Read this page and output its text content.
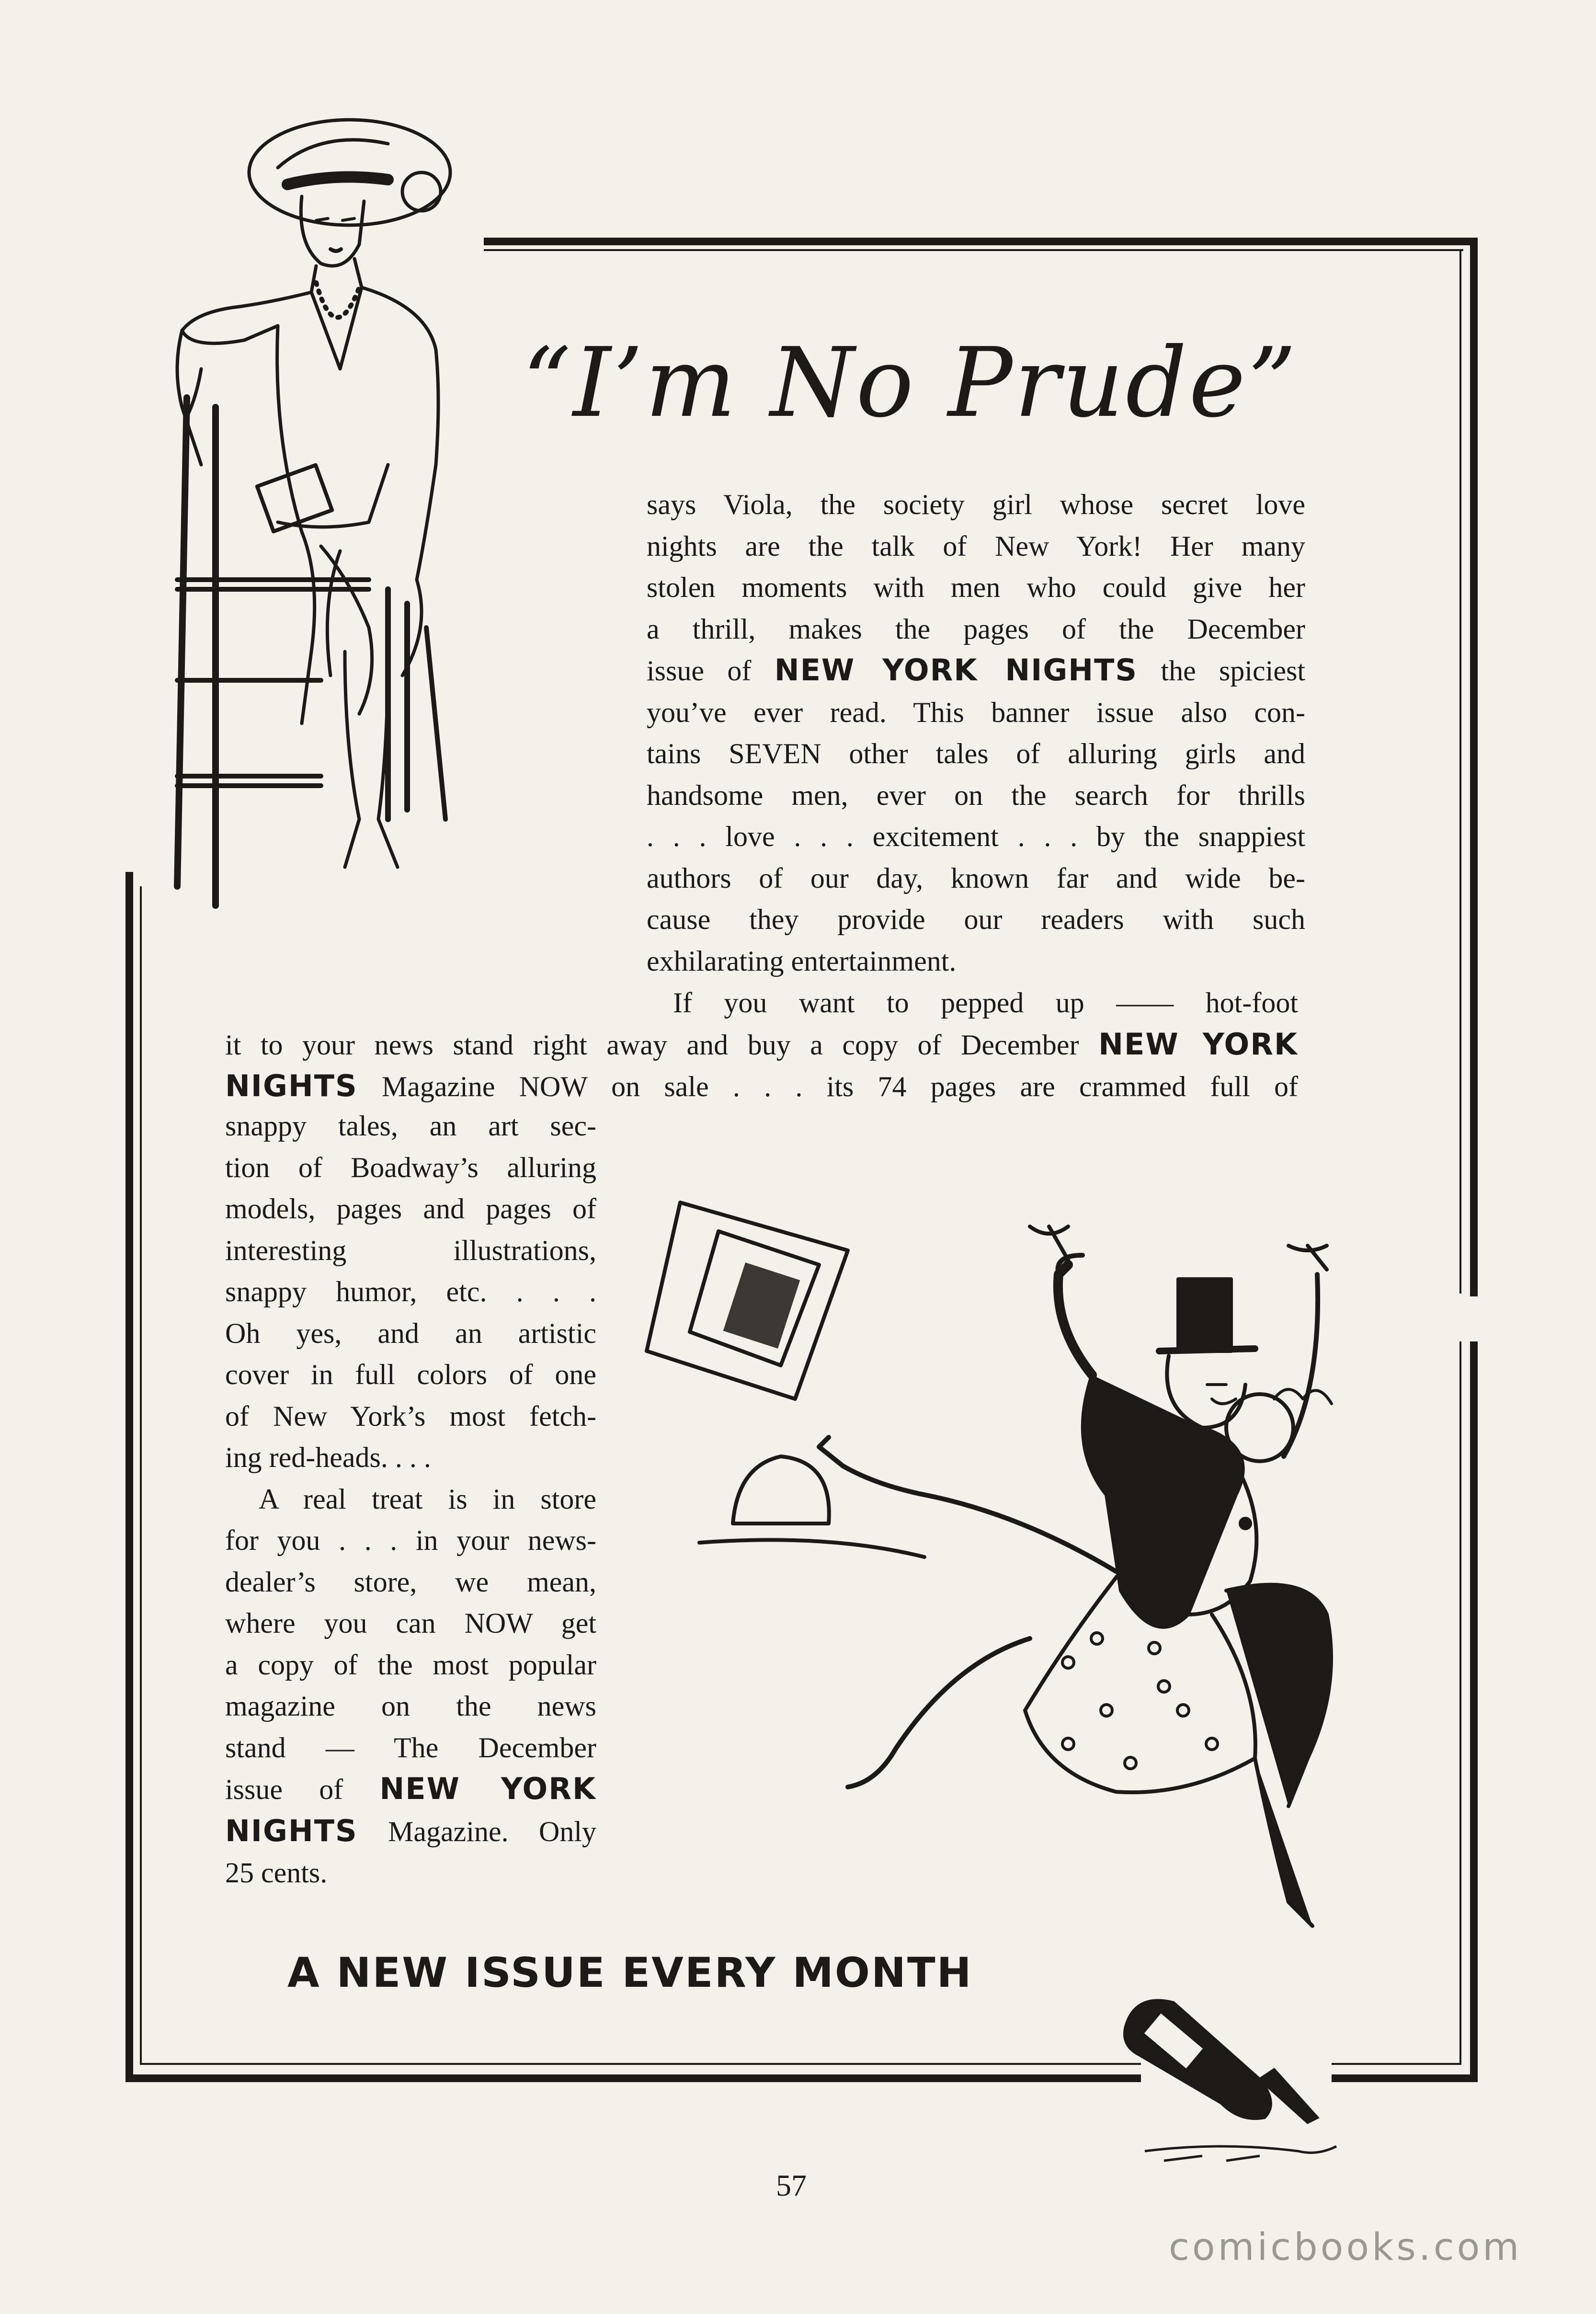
“I’m No Prude”
says Viola, the society girl whose secret love
nights are the talk of New York! Her many
stolen moments with men who could give her
a thrill, makes the pages of the December
issue of NEW YORK NIGHTS the spiciest
you’ve ever read. This banner issue also con-
tains SEVEN other tales of alluring girls and
handsome men, ever on the search for thrills
. . . love . . . excitement . . . by the snappiest
authors of our day, known far and wide be-
cause they provide our readers with such
exhilarating entertainment.
If you want to pepped up —— hot-foot
it to your news stand right away and buy a copy of December NEW YORK
NIGHTS Magazine NOW on sale . . . its 74 pages are crammed full of
snappy tales, an art sec-
tion of Boadway’s alluring
models, pages and pages of
interesting illustrations,
snappy humor, etc. . . .
Oh yes, and an artistic
cover in full colors of one
of New York’s most fetch-
ing red-heads. . . .
A real treat is in store
for you . . . in your news-
dealer’s store, we mean,
where you can NOW get
a copy of the most popular
magazine on the news
stand — The December
issue of NEW YORK
NIGHTS Magazine. Only
25 cents.
A NEW ISSUE EVERY MONTH
57
comicbooks.com
